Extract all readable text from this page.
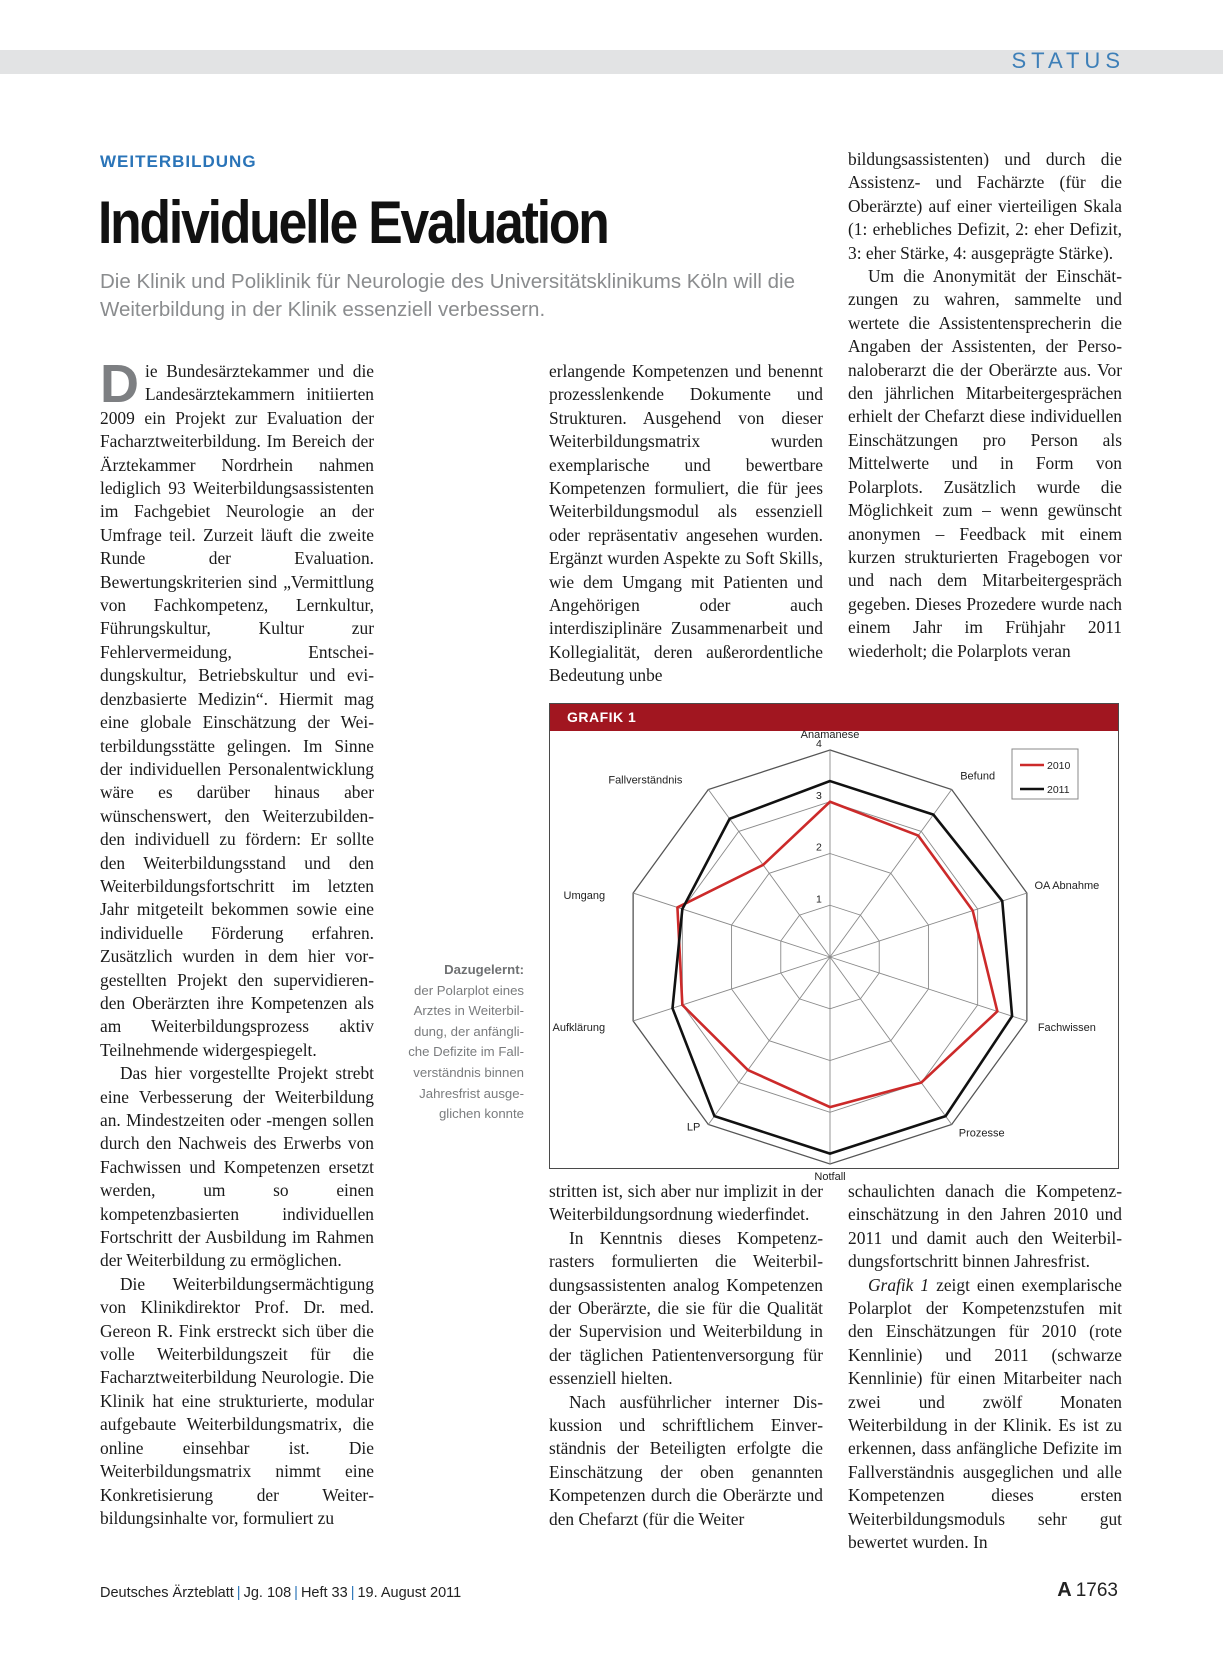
STATUS
WEITERBILDUNG
Individuelle Evaluation
Die Klinik und Poliklinik für Neurologie des Universitätsklinikums Köln will die Weiterbildung in der Klinik essenziell verbessern.

Die Bundesärztekammer und die Landesärztekammern initiierten 2009 ein Projekt zur Evaluation der Facharztweiterbildung. Im Bereich der Ärztekammer Nordrhein nahmen lediglich 93 Weiterbildungsassistenten im Fachgebiet Neurologie an der Umfrage teil. Zurzeit läuft die zweite Runde der Evaluation. Bewertungskriterien sind „Vermittlung von Fachkompetenz, Lernkultur, Führungskultur, Kultur zur Fehlervermeidung, Entscheidungskultur, Betriebskultur und evidenzbasierte Medizin“. Hiermit mag eine globale Einschätzung der Weiterbildungsstätte gelingen. Im Sinne der individuellen Personalentwicklung wäre es darüber hinaus aber wünschenswert, den Weiterzubildenden individuell zu fördern: Er sollte den Weiterbildungsstand und den Weiterbildungsfortschritt im letzten Jahr mitgeteilt bekommen sowie eine individuelle Förderung erfahren. Zusätzlich wurden in dem hier vorgestellten Projekt den supervidierenden Oberärzten ihre Kompetenzen als am Weiterbildungsprozess aktiv Teilnehmende widergespiegelt.

Das hier vorgestellte Projekt strebt eine Verbesserung der Weiterbildung an. Mindestzeiten oder -mengen sollen durch den Nachweis des Erwerbs von Fachwissen und Kompetenzen ersetzt werden, um so einen kompetenzbasierten individuellen Fortschritt der Ausbildung im Rahmen der Weiterbildung zu ermöglichen.

Die Weiterbildungsermächtigung von Klinikdirektor Prof. Dr. med. Gereon R. Fink erstreckt sich über die volle Weiterbildungszeit für die Facharztweiterbildung Neurologie. Die Klinik hat eine strukturierte, modular aufgebaute Weiterbildungsmatrix, die online einsehbar ist. Die Weiterbildungsmatrix nimmt eine Konkretisierung der Weiterbildungsinhalte vor, formuliert zu

erlangende Kompetenzen und benennt prozesslenkende Dokumente und Strukturen. Ausgehend von dieser Weiterbildungsmatrix wurden exemplarische und bewertbare Kompetenzen formuliert, die für jees Weiterbildungsmodul als essenziell oder repräsentativ angesehen wurden. Ergänzt wurden Aspekte zu Soft Skills, wie dem Umgang mit Patienten und Angehörigen oder auch interdisziplinäre Zusammenarbeit und Kollegialität, deren außerordentliche Bedeutung unbe

bildungsassistenten) und durch die Assistenz- und Fachärzte (für die Oberärzte) auf einer vierteiligen Skala (1: erhebliches Defizit, 2: eher Defizit, 3: eher Stärke, 4: ausgeprägte Stärke).

Um die Anonymität der Einschätzungen zu wahren, sammelte und wertete die Assistentensprecherin die Angaben der Assistenten, der Personaloberarzt die der Oberärzte aus. Vor den jährlichen Mitarbeitergesprächen erhielt der Chefarzt diese individuellen Einschätzungen pro Person als Mittelwerte und in Form von Polarplots. Zusätzlich wurde die Möglichkeit zum – wenn gewünscht anonymen – Feedback mit einem kurzen strukturierten Fragebogen vor und nach dem Mitarbeitergespräch gegeben. Dieses Prozedere wurde nach einem Jahr im Frühjahr 2011 wiederholt; die Polarplots veran

Dazugelernt:
der Polarplot eines Arztes in Weiterbildung, der anfängliche Defizite im Fallverständnis binnen Jahresfrist ausgeglichen konnte
GRAFIK 1
1
2
3
4
Anamanese
Befund
OA Abnahme
Fachwissen
Prozesse
Notfall
LP
Aufklärung
Umgang
Fallverständnis
2010
2011

stritten ist, sich aber nur implizit in der Weiterbildungsordnung wiederfindet.

In Kenntnis dieses Kompetenzrasters formulierten die Weiterbildungsassistenten analog Kompetenzen der Oberärzte, die sie für die Qualität der Supervision und Weiterbildung in der täglichen Patientenversorgung für essenziell hielten.

Nach ausführlicher interner Diskussion und schriftlichem Einverständnis der Beteiligten erfolgte die Einschätzung der oben genannten Kompetenzen durch die Oberärzte und den Chefarzt (für die Weiter

schaulichten danach die Kompetenzeinschätzung in den Jahren 2010 und 2011 und damit auch den Weiterbildungsfortschritt binnen Jahresfrist.

Grafik 1 zeigt einen exemplarische Polarplot der Kompetenzstufen mit den Einschätzungen für 2010 (rote Kennlinie) und 2011 (schwarze Kennlinie) für einen Mitarbeiter nach zwei und zwölf Monaten Weiterbildung in der Klinik. Es ist zu erkennen, dass anfängliche Defizite im Fallverständnis ausgeglichen und alle Kompetenzen dieses ersten Weiterbildungsmoduls sehr gut bewertet wurden. In

Deutsches Ärzteblatt | Jg. 108 | Heft 33 | 19. August 2011	A 1763
